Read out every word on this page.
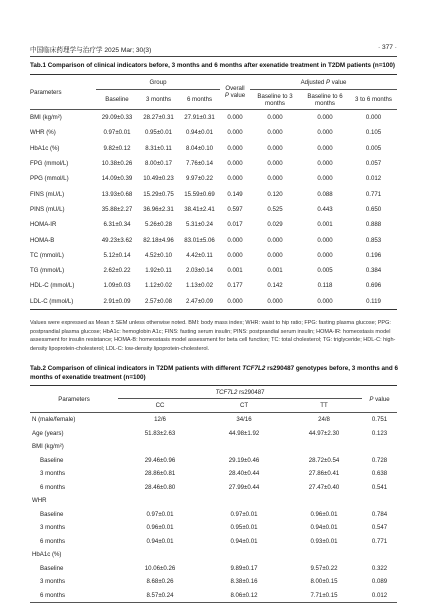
中国临床药理学与治疗学 2025 Mar; 30(3)	· 377 ·
Tab.1 Comparison of clinical indicators before, 3 months and 6 months after exenatide treatment in T2DM patients (n=100)
Parameters	Group			Overall
P value	Adjusted P value		
	Baseline	3 months	6 months		Baseline to 3 months	Baseline to 6 months	3 to 6 months
BMI (kg/m²)	29.09±0.33	28.27±0.31	27.91±0.31	0.000	0.000	0.000	0.000
WHR (%)	0.97±0.01	0.95±0.01	0.94±0.01	0.000	0.000	0.000	0.105
HbA1c (%)	9.82±0.12	8.31±0.11	8.04±0.10	0.000	0.000	0.000	0.005
FPG (mmol/L)	10.38±0.26	8.00±0.17	7.76±0.14	0.000	0.000	0.000	0.057
PPG (mmol/L)	14.09±0.39	10.49±0.23	9.97±0.22	0.000	0.000	0.000	0.012
FINS (mU/L)	13.93±0.68	15.29±0.75	15.59±0.69	0.149	0.120	0.088	0.771
PINS (mU/L)	35.88±2.27	36.96±2.31	38.41±2.41	0.597	0.525	0.443	0.650
HOMA-IR	6.31±0.34	5.26±0.28	5.31±0.24	0.017	0.029	0.001	0.888
HOMA-B	49.23±3.62	82.18±4.96	83.01±5.06	0.000	0.000	0.000	0.853
TC (mmol/L)	5.12±0.14	4.52±0.10	4.42±0.11	0.000	0.000	0.000	0.196
TG (mmol/L)	2.62±0.22	1.92±0.11	2.03±0.14	0.001	0.001	0.005	0.384
HDL-C (mmol/L)	1.09±0.03	1.12±0.02	1.13±0.02	0.177	0.142	0.118	0.696
LDL-C (mmol/L)	2.91±0.09	2.57±0.08	2.47±0.09	0.000	0.000	0.000	0.119
Values were expressed as Mean ± SEM unless otherwise noted. BMI: body mass index; WHR: waist to hip ratio; FPG: fasting plasma glucose; PPG: postprandial plasma glucose; HbA1c: hemoglobin A1c; FINS: fasting serum insulin; PINS: postprandial serum insulin; HOMA-IR: homeostasis model assessment for insulin resistance; HOMA-B: homeostasis model assessment for beta cell function; TC: total cholesterol; TG: triglyceride; HDL-C: high-density lipoprotein-cholesterol; LDL-C: low-density lipoprotein-cholesterol.
Tab.2 Comparison of clinical indicators in T2DM patients with different TCF7L2 rs290487 genotypes before, 3 months and 6 months of exenatide treatment (n=100)
Parameters	TCF7L2 rs290487			P value
	CC	CT	TT	
N (male/female)	12/6	34/16	24/8	0.751
Age (years)	51.83±2.63	44.98±1.92	44.97±2.30	0.123
BMI (kg/m²)				
Baseline	29.46±0.96	29.19±0.46	28.72±0.54	0.728
3 months	28.86±0.81	28.40±0.44	27.86±0.41	0.638
6 months	28.46±0.80	27.99±0.44	27.47±0.40	0.541
WHR				
Baseline	0.97±0.01	0.97±0.01	0.96±0.01	0.784
3 months	0.96±0.01	0.95±0.01	0.94±0.01	0.547
6 months	0.94±0.01	0.94±0.01	0.93±0.01	0.771
HbA1c (%)				
Baseline	10.06±0.26	9.89±0.17	9.57±0.22	0.322
3 months	8.68±0.26	8.38±0.16	8.00±0.15	0.089
6 months	8.57±0.24	8.06±0.12	7.71±0.15	0.012
